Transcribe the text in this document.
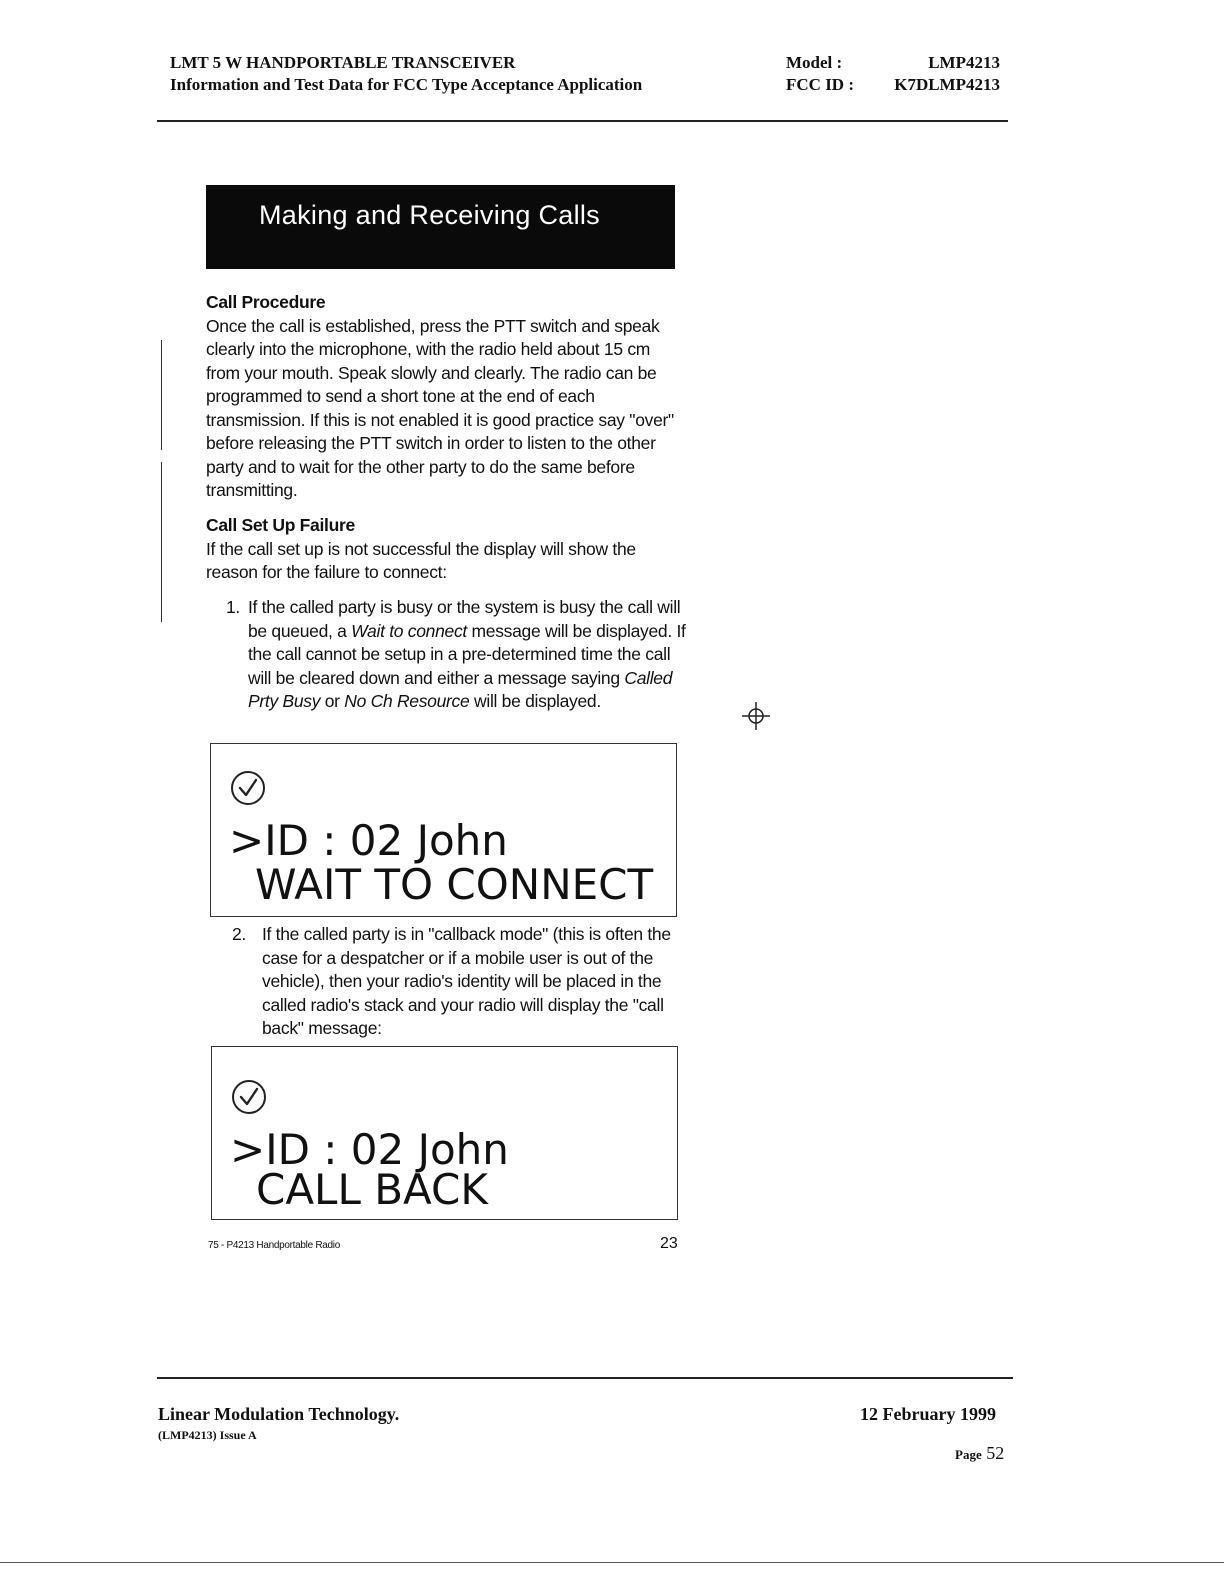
LMT 5 W HANDPORTABLE TRANSCEIVER
Information and Test Data for FCC Type Acceptance Application
Model :	LMP4213
FCC ID :	K7DLMP4213
Making and Receiving Calls
Call Procedure
Once the call is established, press the PTT switch and speak clearly into the microphone, with the radio held about 15 cm from your mouth. Speak slowly and clearly. The radio can be programmed to send a short tone at the end of each transmission. If this is not enabled it is good practice say "over" before releasing the PTT switch in order to listen to the other party and to wait for the other party to do the same before transmitting.
Call Set Up Failure
If the call set up is not successful the display will show the reason for the failure to connect:
1. If the called party is busy or the system is busy the call will be queued, a Wait to connect message will be displayed. If the call cannot be setup in a pre-determined time the call will be cleared down and either a message saying Called Prty Busy or No Ch Resource will be displayed.
>ID : 02 John
WAIT TO CONNECT
2. If the called party is in "callback mode" (this is often the case for a despatcher or if a mobile user is out of the vehicle), then your radio's identity will be placed in the called radio's stack and your radio will display the "call back" message:
>ID : 02 John
CALL BACK
75 - P4213 Handportable Radio	23
Linear Modulation Technology.
(LMP4213) Issue A
12 February 1999
Page 52
